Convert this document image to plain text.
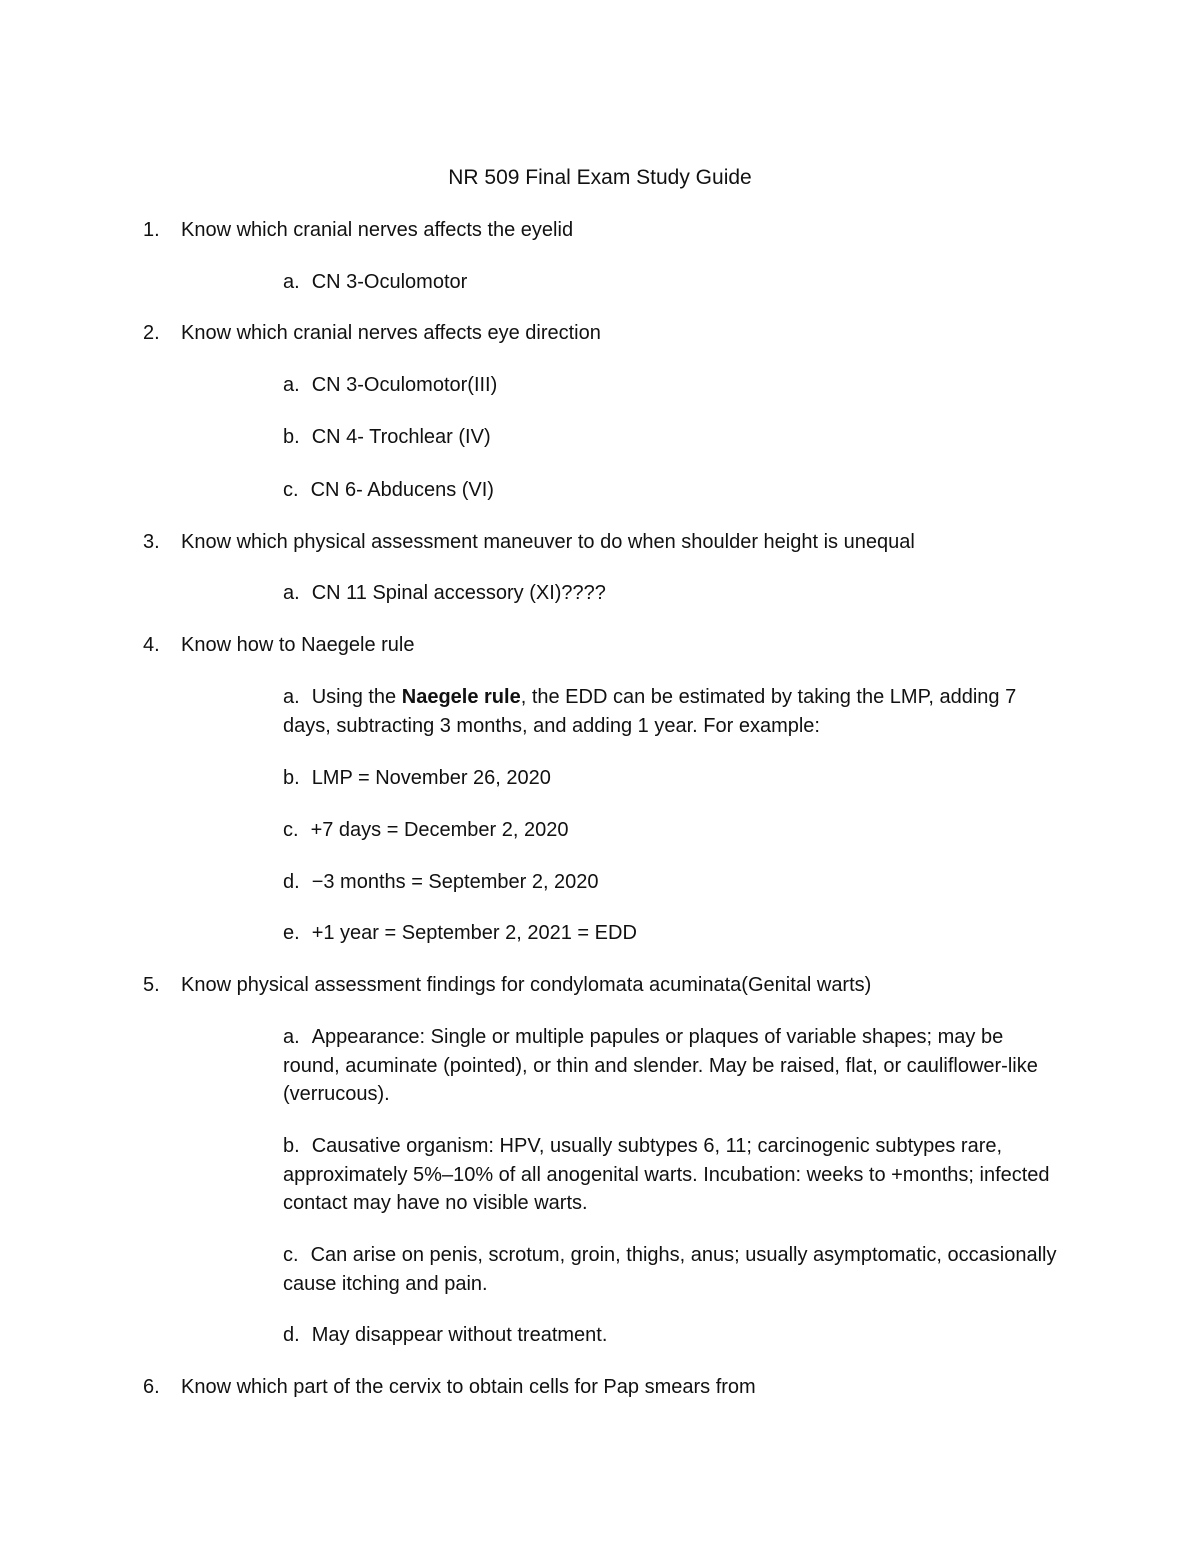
NR 509 Final Exam Study Guide
1. Know which cranial nerves affects the eyelid
a. CN 3-Oculomotor
2. Know which cranial nerves affects eye direction
a. CN 3-Oculomotor(III)
b. CN 4- Trochlear (IV)
c. CN 6- Abducens (VI)
3. Know which physical assessment maneuver to do when shoulder height is unequal
a. CN 11 Spinal accessory (XI)????
4. Know how to Naegele rule
a. Using the Naegele rule, the EDD can be estimated by taking the LMP, adding 7 days, subtracting 3 months, and adding 1 year. For example:
b. LMP = November 26, 2020
c. +7 days = December 2, 2020
d. −3 months = September 2, 2020
e. +1 year = September 2, 2021 = EDD
5. Know physical assessment findings for condylomata acuminata(Genital warts)
a. Appearance: Single or multiple papules or plaques of variable shapes; may be round, acuminate (pointed), or thin and slender. May be raised, flat, or cauliflower-like (verrucous).
b. Causative organism: HPV, usually subtypes 6, 11; carcinogenic subtypes rare, approximately 5%–10% of all anogenital warts. Incubation: weeks to +months; infected contact may have no visible warts.
c. Can arise on penis, scrotum, groin, thighs, anus; usually asymptomatic, occasionally cause itching and pain.
d. May disappear without treatment.
6. Know which part of the cervix to obtain cells for Pap smears from
